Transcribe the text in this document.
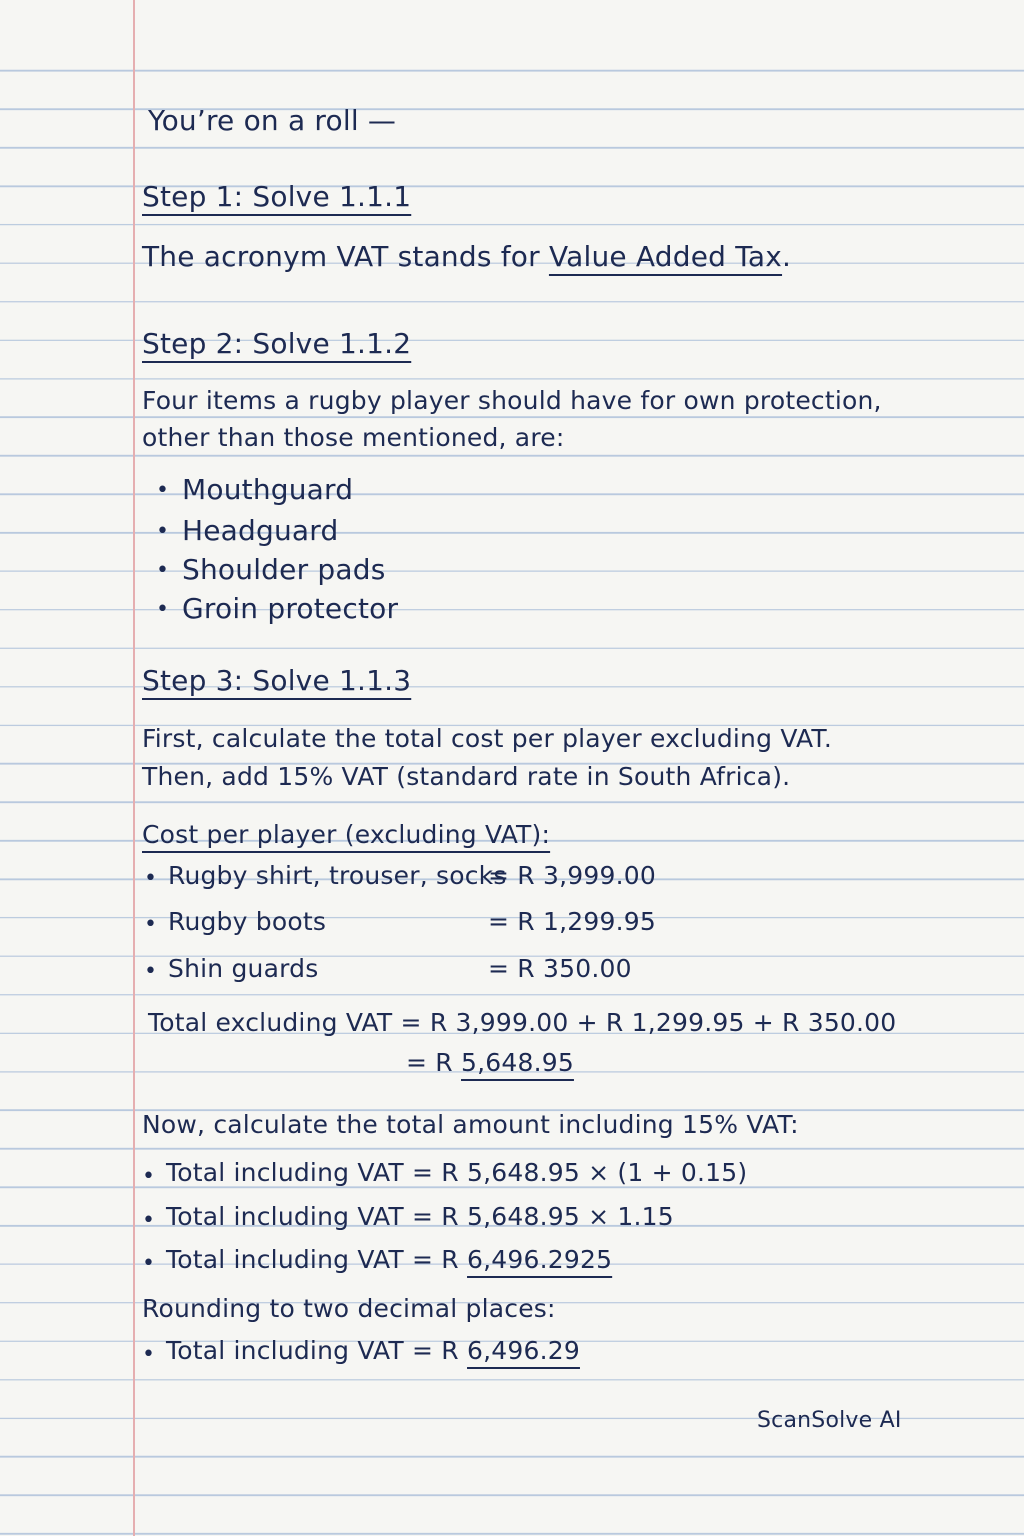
You’re on a roll —
Step 1: Solve 1.1.1
The acronym VAT stands for Value Added Tax.
Step 2: Solve 1.1.2
Four items a rugby player should have for own protection,
other than those mentioned, are:
• Mouthguard
• Headguard
• Shoulder pads
• Groin protector
Step 3: Solve 1.1.3
First, calculate the total cost per player excluding VAT.
Then, add 15% VAT (standard rate in South Africa).
Cost per player (excluding VAT):
• Rugby shirt, trouser, socks
= R 3,999.00
• Rugby boots	= R 1,299.95
• Shin guards	= R 350.00
Total excluding VAT = R 3,999.00 + R 1,299.95 + R 350.00
= R 5,648.95
Now, calculate the total amount including 15% VAT:
• Total including VAT = R 5,648.95 × (1 + 0.15)
• Total including VAT = R 5,648.95 × 1.15
• Total including VAT = R 6,496.2925
Rounding to two decimal places:
• Total including VAT = R 6,496.29
ScanSolve AI
